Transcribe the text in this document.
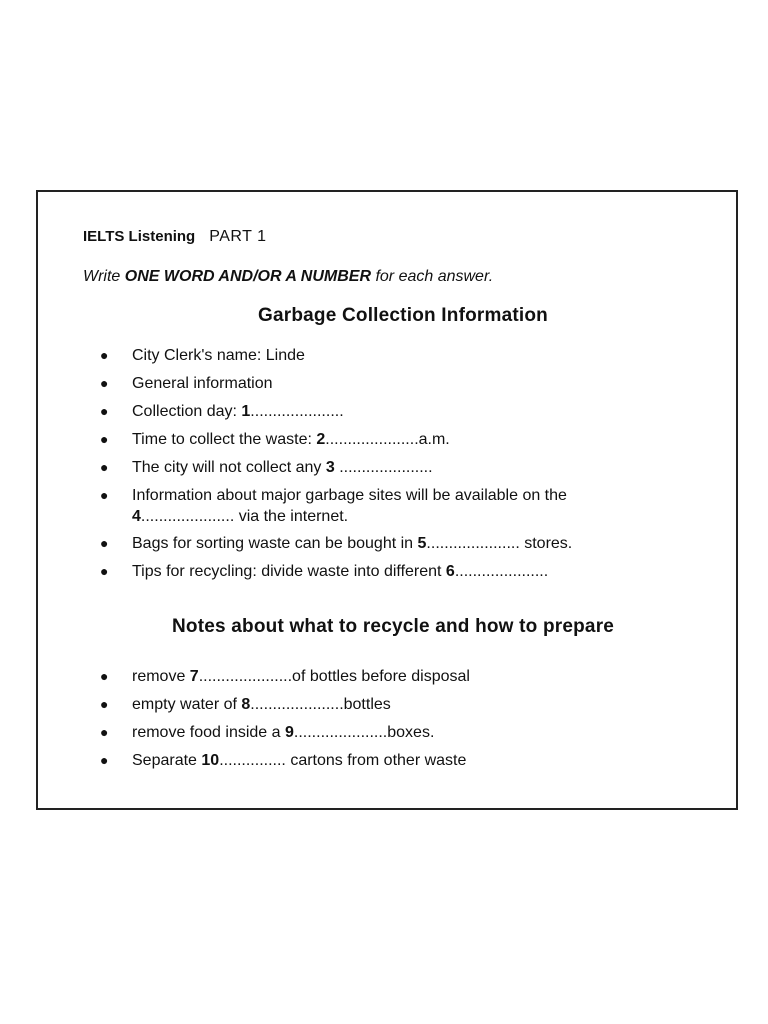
IELTS Listening PART 1
Write ONE WORD AND/OR A NUMBER for each answer.
Garbage Collection Information
● City Clerk's name: Linde
● General information
● Collection day: 1.....................
● Time to collect the waste: 2.....................a.m.
● The city will not collect any 3 .....................
● Information about major garbage sites will be available on the
4..................... via the internet.
● Bags for sorting waste can be bought in 5..................... stores.
● Tips for recycling: divide waste into different 6.....................
Notes about what to recycle and how to prepare
● remove 7.....................of bottles before disposal
● empty water of 8.....................bottles
● remove food inside a 9.....................boxes.
● Separate 10............... cartons from other waste
